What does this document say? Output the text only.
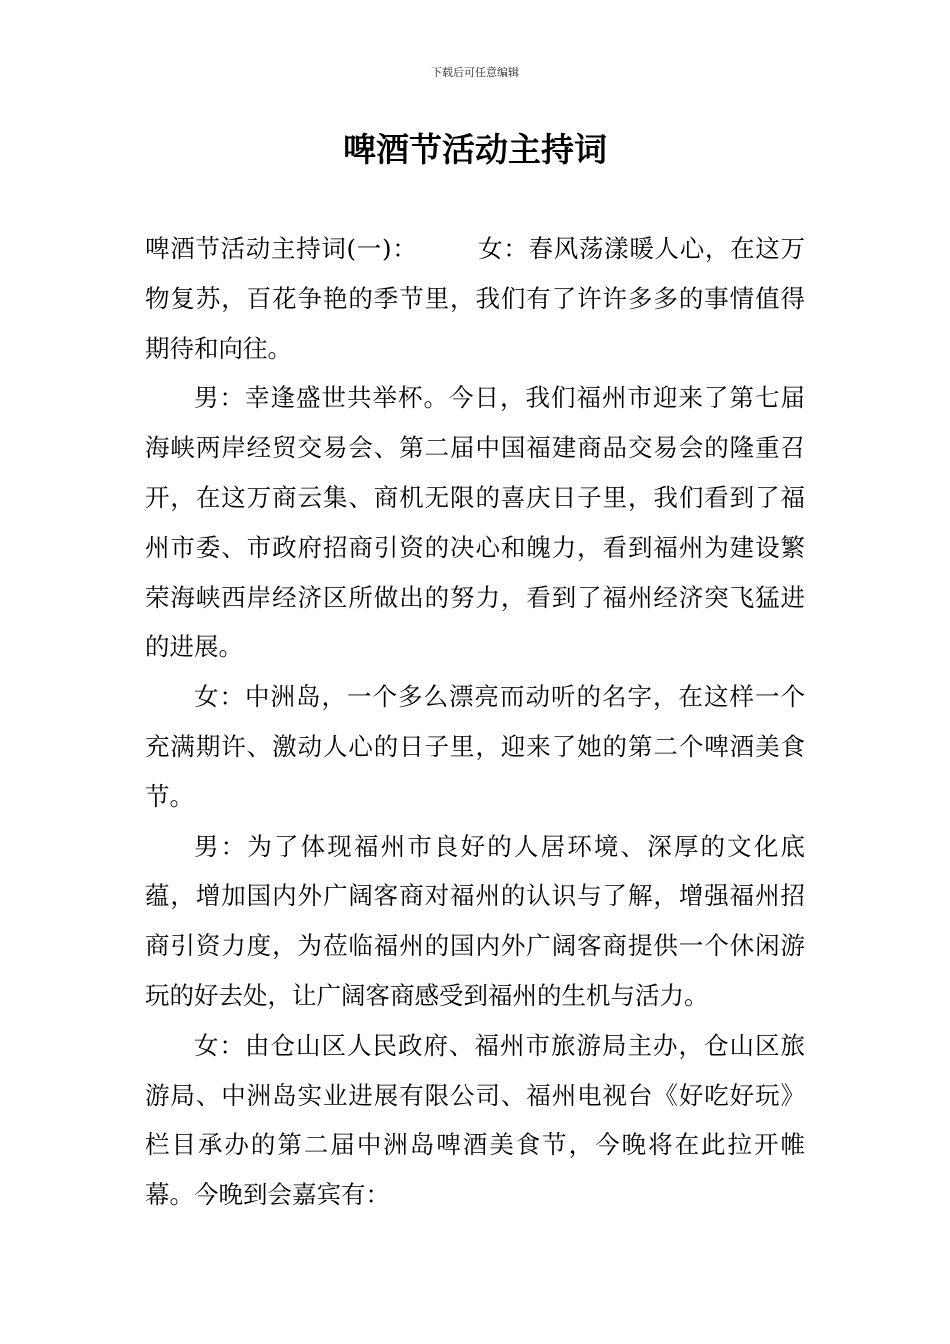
下载后可任意编辑
啤酒节活动主持词

啤酒节活动主持词(一)： 女：春风荡漾暖人心，在这万物复苏，百花争艳的季节里，我们有了许许多多的事情值得期待和向往。

男：幸逢盛世共举杯。今日，我们福州市迎来了第七届海峡两岸经贸交易会、第二届中国福建商品交易会的隆重召开，在这万商云集、商机无限的喜庆日子里，我们看到了福州市委、市政府招商引资的决心和魄力，看到福州为建设繁荣海峡西岸经济区所做出的努力，看到了福州经济突飞猛进的进展。

女：中洲岛，一个多么漂亮而动听的名字，在这样一个充满期许、激动人心的日子里，迎来了她的第二个啤酒美食节。

男：为了体现福州市良好的人居环境、深厚的文化底蕴，增加国内外广阔客商对福州的认识与了解，增强福州招商引资力度，为莅临福州的国内外广阔客商提供一个休闲游玩的好去处，让广阔客商感受到福州的生机与活力。

女：由仓山区人民政府、福州市旅游局主办，仓山区旅游局、中洲岛实业进展有限公司、福州电视台《好吃好玩》栏目承办的第二届中洲岛啤酒美食节，今晚将在此拉开帷幕。今晚到会嘉宾有：
